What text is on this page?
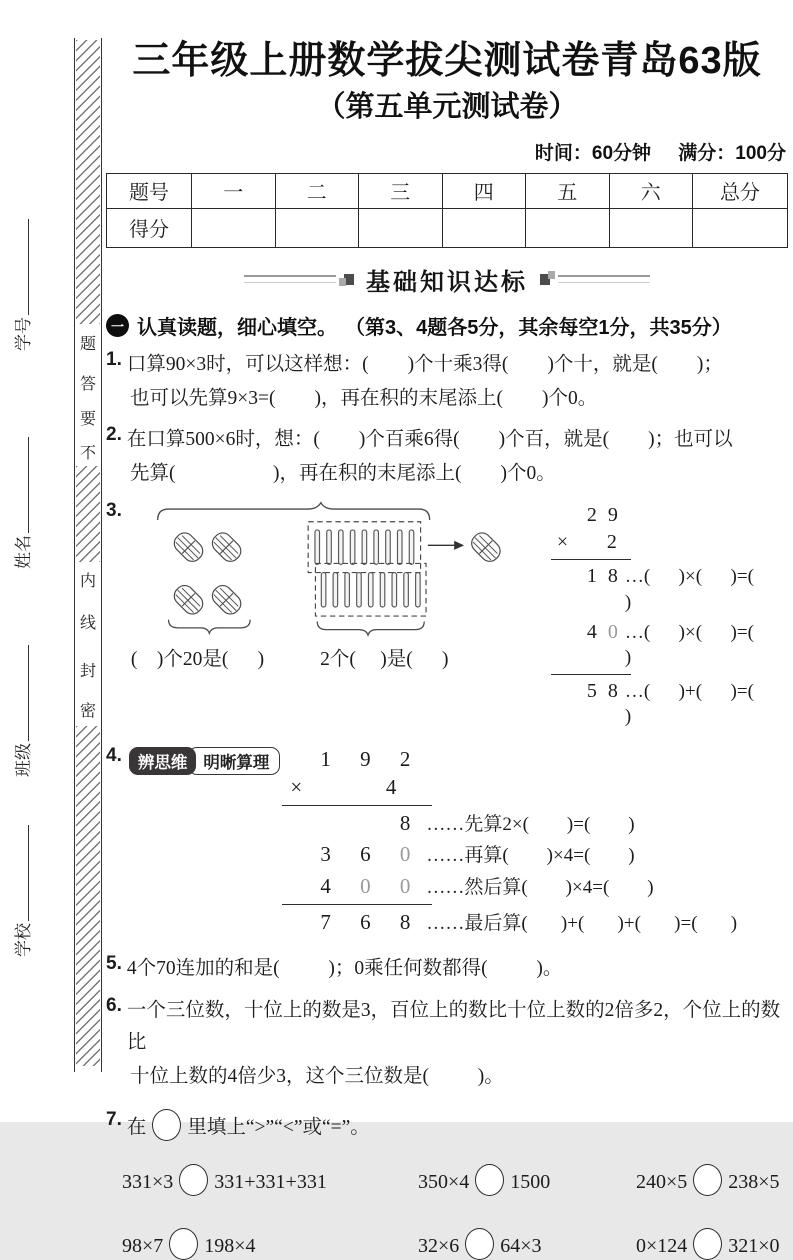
学号
姓名
班级
学校
题
答
要
不
内
线
封
密
三年级上册数学拔尖测试卷青岛63版
（第五单元测试卷）
时间：60分钟 满分：100分
题号	一	二	三	四	五	六	总分
得分							
基础知识达标
一 认真读题，细心填空。 （第3、4题各5分，其余每空1分，共35分）
1. 口算90×3时，可以这样想：(        )个十乘3得(        )个十，就是(        )；
也可以先算9×3=(        )，再在积的末尾添上(        )个0。
2. 在口算500×6时，想：(        )个百乘6得(        )个百，就是(        )；也可以
先算(                    )，再在积的末尾添上(        )个0。
3.
(    )个20是(      )	2个(     )是(      )
2 9
× 2
1 8 …(      )×(      )=(      )
4 0 …(      )×(      )=(      )
5 8 …(      )+(      )=(      )
4. 辨思维 明晰算理	1 9 2
×	4
8 ……先算2×(        )=(        )
3 6 0 ……再算(        )×4=(        )
4 0 0 ……然后算(        )×4=(        )
7 6 8 ……最后算(       )+(       )+(       )=(       )
5. 4个70连加的和是(          )；0乘任何数都得(          )。
6. 一个三位数，十位上的数是3，百位上的数比十位上数的2倍多2，个位上的数比
十位上数的4倍少3，这个三位数是(          )。
7. 在 里填上“>”“<”或“=”。
331×3 331+331+331	350×4 1500	240×5 238×5
98×7 198×4	32×6 64×3	0×124 321×0
